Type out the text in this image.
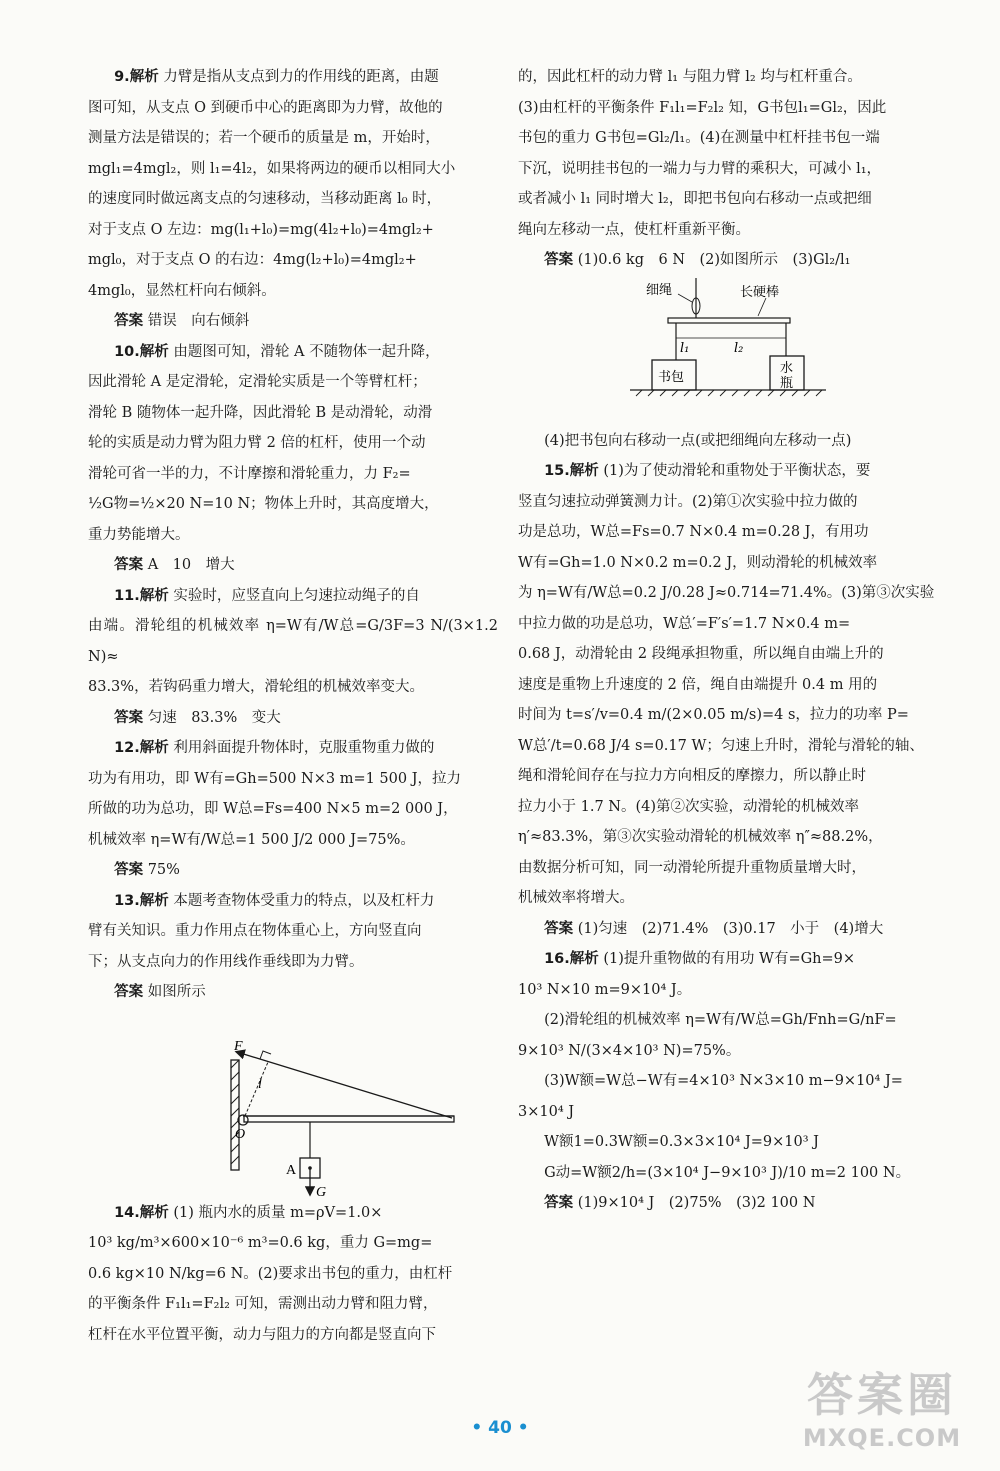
9.解析 力臂是指从支点到力的作用线的距离，由题

图可知，从支点 O 到硬币中心的距离即为力臂，故他的

测量方法是错误的；若一个硬币的质量是 m，开始时，

mgl₁=4mgl₂，则 l₁=4l₂，如果将两边的硬币以相同大小

的速度同时做远离支点的匀速移动，当移动距离 l₀ 时，

对于支点 O 左边：mg(l₁+l₀)=mg(4l₂+l₀)=4mgl₂+

mgl₀，对于支点 O 的右边：4mg(l₂+l₀)=4mgl₂+

4mgl₀，显然杠杆向右倾斜。

答案 错误　向右倾斜

10.解析 由题图可知，滑轮 A 不随物体一起升降，

因此滑轮 A 是定滑轮，定滑轮实质是一个等臂杠杆；

滑轮 B 随物体一起升降，因此滑轮 B 是动滑轮，动滑

轮的实质是动力臂为阻力臂 2 倍的杠杆，使用一个动

滑轮可省一半的力，不计摩擦和滑轮重力，力 F₂=

½G物=½×20 N=10 N；物体上升时，其高度增大，

重力势能增大。

答案 A　10　增大

11.解析 实验时，应竖直向上匀速拉动绳子的自

由端。滑轮组的机械效率 η=W有/W总=G/3F=3 N/(3×1.2 N)≈

83.3%，若钩码重力增大，滑轮组的机械效率变大。

答案 匀速　83.3%　变大

12.解析 利用斜面提升物体时，克服重物重力做的

功为有用功，即 W有=Gh=500 N×3 m=1 500 J，拉力

所做的功为总功，即 W总=Fs=400 N×5 m=2 000 J，

机械效率 η=W有/W总=1 500 J/2 000 J=75%。

答案 75%

13.解析 本题考查物体受重力的特点，以及杠杆力

臂有关知识。重力作用点在物体重心上，方向竖直向

下；从支点向力的作用线作垂线即为力臂。

答案 如图所示

F
l
O
A
G

14.解析 (1) 瓶内水的质量 m=ρV=1.0×

10³ kg/m³×600×10⁻⁶ m³=0.6 kg，重力 G=mg=

0.6 kg×10 N/kg=6 N。(2)要求出书包的重力，由杠杆

的平衡条件 F₁l₁=F₂l₂ 可知，需测出动力臂和阻力臂，

杠杆在水平位置平衡，动力与阻力的方向都是竖直向下

的，因此杠杆的动力臂 l₁ 与阻力臂 l₂ 均与杠杆重合。

(3)由杠杆的平衡条件 F₁l₁=F₂l₂ 知，G书包l₁=Gl₂，因此

书包的重力 G书包=Gl₂/l₁。(4)在测量中杠杆挂书包一端

下沉，说明挂书包的一端力与力臂的乘积大，可减小 l₁，

或者减小 l₁ 同时增大 l₂，即把书包向右移动一点或把细

绳向左移动一点，使杠杆重新平衡。

答案 (1)0.6 kg　6 N　(2)如图所示　(3)Gl₂/l₁

细绳	长硬棒
l₁	l₂
书包
水
瓶

(4)把书包向右移动一点(或把细绳向左移动一点)

15.解析 (1)为了使动滑轮和重物处于平衡状态，要

竖直匀速拉动弹簧测力计。(2)第①次实验中拉力做的

功是总功，W总=Fs=0.7 N×0.4 m=0.28 J，有用功

W有=Gh=1.0 N×0.2 m=0.2 J，则动滑轮的机械效率

为 η=W有/W总=0.2 J/0.28 J≈0.714=71.4%。(3)第③次实验

中拉力做的功是总功，W总′=F′s′=1.7 N×0.4 m=

0.68 J，动滑轮由 2 段绳承担物重，所以绳自由端上升的

速度是重物上升速度的 2 倍，绳自由端提升 0.4 m 用的

时间为 t=s′/v=0.4 m/(2×0.05 m/s)=4 s，拉力的功率 P=

W总′/t=0.68 J/4 s=0.17 W；匀速上升时，滑轮与滑轮的轴、

绳和滑轮间存在与拉力方向相反的摩擦力，所以静止时

拉力小于 1.7 N。(4)第②次实验，动滑轮的机械效率

η′≈83.3%，第③次实验动滑轮的机械效率 η″≈88.2%，

由数据分析可知，同一动滑轮所提升重物质量增大时，

机械效率将增大。

答案 (1)匀速　(2)71.4%　(3)0.17　小于　(4)增大

16.解析 (1)提升重物做的有用功 W有=Gh=9×

10³ N×10 m=9×10⁴ J。

(2)滑轮组的机械效率 η=W有/W总=Gh/Fnh=G/nF=

9×10³ N/(3×4×10³ N)=75%。

(3)W额=W总−W有=4×10³ N×3×10 m−9×10⁴ J=

3×10⁴ J

W额1=0.3W额=0.3×3×10⁴ J=9×10³ J

G动=W额2/h=(3×10⁴ J−9×10³ J)/10 m=2 100 N。

答案 (1)9×10⁴ J　(2)75%　(3)2 100 N

• 40 •
答案圈
MXQE.COM
